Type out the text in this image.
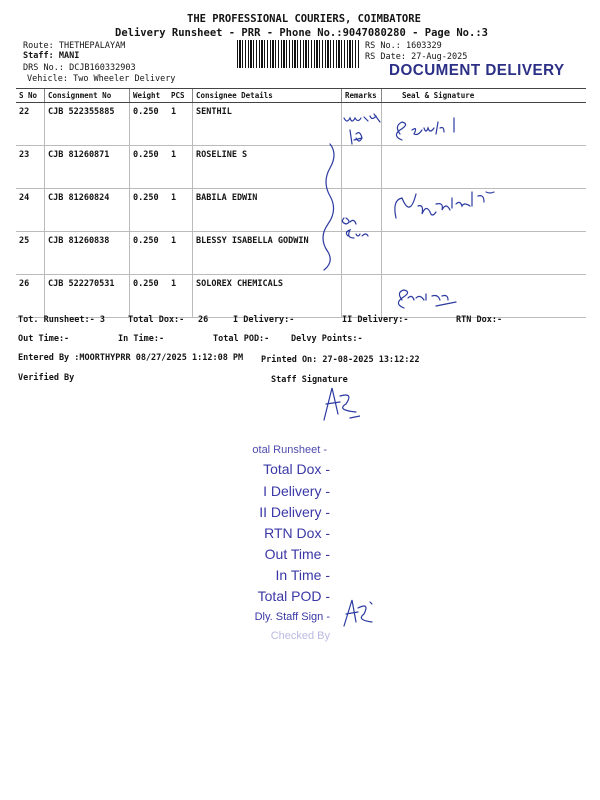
THE PROFESSIONAL COURIERS, COIMBATORE
Delivery Runsheet - PRR - Phone No.:9047080280 - Page No.:3
Route: THETHEPALAYAM
Staff: MANI
DRS No.: DCJB160332903
Vehicle: Two Wheeler Delivery
RS No.: 1603329
RS Date: 27-Aug-2025
DOCUMENT DELIVERY
S No	Consignment No	Weight	PCS	Consignee Details	Remarks	Seal & Signature
22	CJB 522355885	0.250	1	SENTHIL		
23	CJB 81260871	0.250	1	ROSELINE S		
24	CJB 81260824	0.250	1	BABILA EDWIN		
25	CJB 81260838	0.250	1	BLESSY ISABELLA GODWIN		
26	CJB 522270531	0.250	1	SOLOREX CHEMICALS		
Tot. Runsheet:- 3	Total Dox:- 26	I Delivery:-	II Delivery:-	RTN Dox:-
Out Time:-	In Time:-	Total POD:-	Delvy Points:-
Entered By :MOORTHYPRR 08/27/2025 1:12:08 PM Printed On: 27-08-2025 13:12:22
Verified By	Staff Signature
otal Runsheet -
Total Dox -
I Delivery -
II Delivery -
RTN Dox -
Out Time -
In Time -
Total POD -
Dly. Staff Sign -
Checked By
